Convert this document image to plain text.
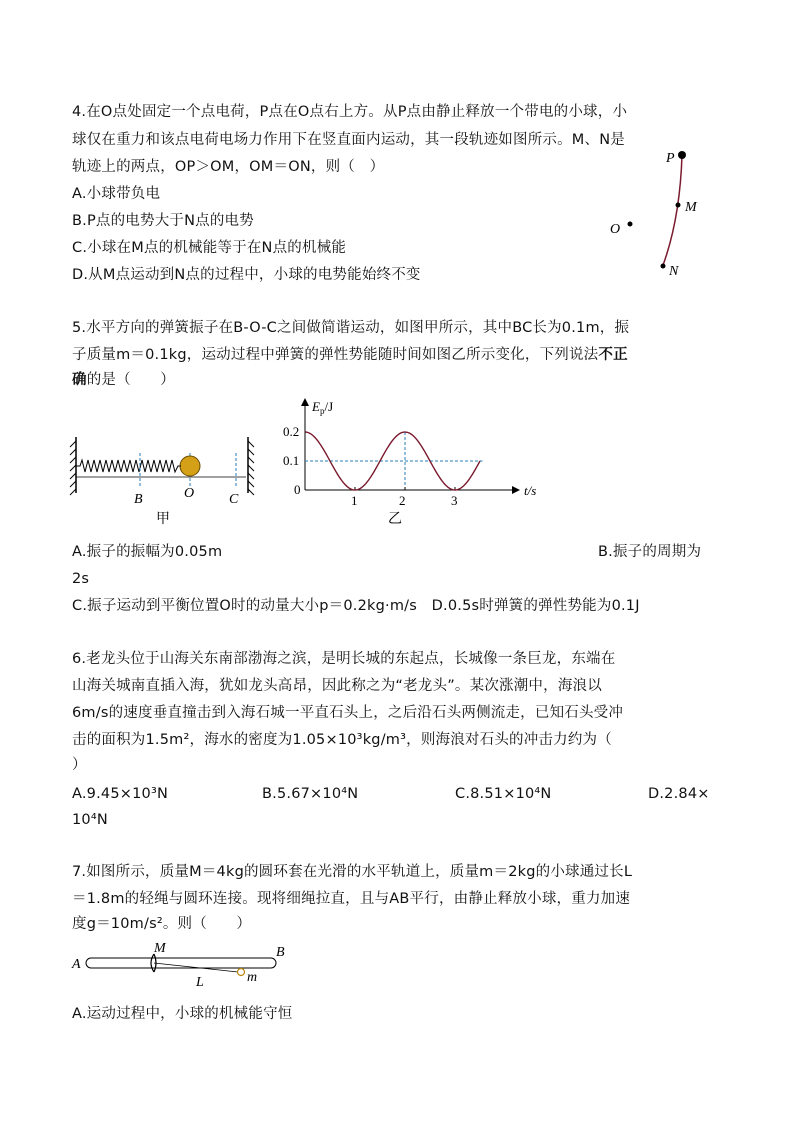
4.在O点处固定一个点电荷，P点在O点右上方。从P点由静止释放一个带电的小球，小
球仅在重力和该点电荷电场力作用下在竖直面内运动，其一段轨迹如图所示。M、N是
轨迹上的两点，OP＞OM，OM＝ON，则（　）
A.小球带负电
B.P点的电势大于N点的电势
C.小球在M点的机械能等于在N点的机械能
D.从M点运动到N点的过程中，小球的电势能始终不变
P
M
O
N
5.水平方向的弹簧振子在B-O-C之间做简谐运动，如图甲所示，其中BC长为0.1m，振
子质量m＝0.1kg，运动过程中弹簧的弹性势能随时间如图乙所示变化，下列说法不正
确的是（　　）
B	O C
甲
0
0.1
0.2
1	2	3
$E_p/J$
t/s
乙
A.振子的振幅为0.05m	B.振子的周期为
2s
C.振子运动到平衡位置O时的动量大小p＝0.2kg·m/s　D.0.5s时弹簧的弹性势能为0.1J
6.老龙头位于山海关东南部渤海之滨，是明长城的东起点，长城像一条巨龙，东端在
山海关城南直插入海，犹如龙头高昂，因此称之为“老龙头”。某次涨潮中，海浪以
6m/s的速度垂直撞击到入海石城一平直石头上，之后沿石头两侧流走，已知石头受冲
击的面积为1.5m²，海水的密度为1.05×10³kg/m³，则海浪对石头的冲击力约为（
）
A.9.45×10³N	B.5.67×10⁴N	C.8.51×10⁴N	D.2.84×
10⁴N
7.如图所示，质量M＝4kg的圆环套在光滑的水平轨道上，质量m＝2kg的小球通过长L
＝1.8m的轻绳与圆环连接。现将细绳拉直，且与AB平行，由静止释放小球，重力加速
度g＝10m/s²。则（　　）
A
M	B
L	m
A.运动过程中，小球的机械能守恒
